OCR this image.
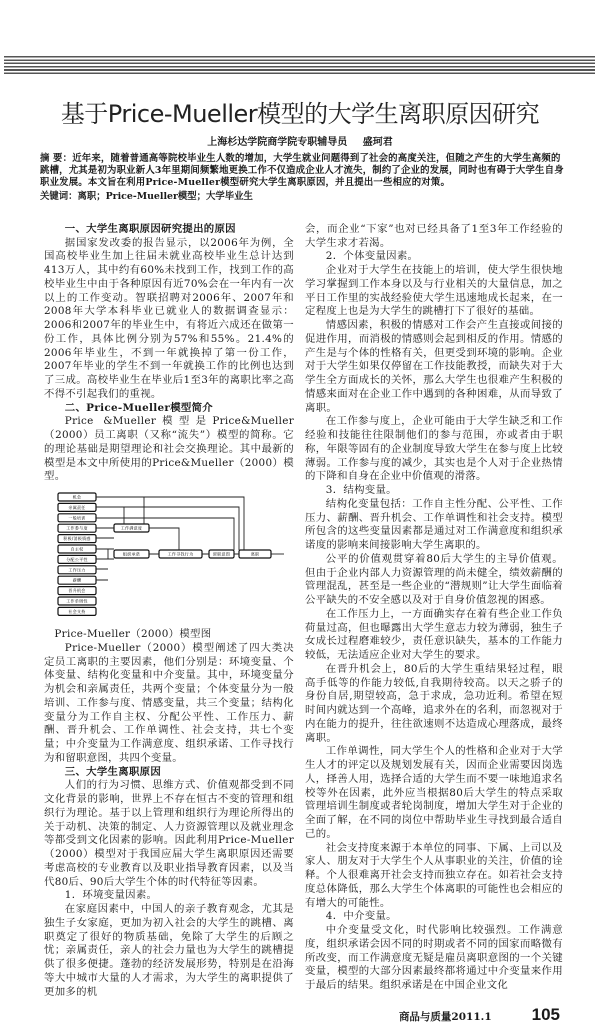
基于Price-Mueller模型的大学生离职原因研究
上海杉达学院商学院专职辅导员 盛珂君
摘 要：近年来，随着普通高等院校毕业生人数的增加，大学生就业问题得到了社会的高度关注，但随之产生的大学生高频的跳槽，尤其是初为职业新人3年里期间频繁地更换工作不仅造成企业人才流失，制约了企业的发展，同时也有碍于大学生自身职业发展。本文旨在利用Price-Mueller模型研究大学生离职原因，并且提出一些相应的对策。
关键词：离职；Price-Mueller模型；大学毕业生
一、大学生离职原因研究提出的原因

据国家发改委的报告显示，以2006年为例，全国高校毕业生加上往届未就业高校毕业生总计达到413万人，其中约有60%未找到工作，找到工作的高校毕业生中由于各种原因有近70%会在一年内有一次以上的工作变动。智联招聘对2006年、2007年和2008年大学本科毕业已就业人的数据调查显示：2006和2007年的毕业生中，有将近六成还在做第一份工作，具体比例分别为57%和55%。21.4%的2006年毕业生，不到一年就换掉了第一份工作，2007年毕业的学生不到一年就换工作的比例也达到了三成。高校毕业生在毕业后1至3年的离职比率之高不得不引起我们的重视。

二、Price-Mueller模型简介

Price &Mueller模型是Price&Mueller（2000）员工离职（又称“流失”）模型的简称。它的理论基础是期望理论和社会交换理论。其中最新的模型是本文中所使用的Price&Mueller（2000）模型。

机会
亲属责任
一般培训
工作参与度
积极/消极情感
自主权
分配公平性
工作压力
薪酬
晋升机会
工作单调性
社会支持
工作满意度
组织承诺	工作寻找行为	留职意图	离职

Price-Mueller（2000）模型图

Price-Mueller（2000）模型阐述了四大类决定员工离职的主要因素，他们分别是：环境变量、个体变量、结构化变量和中介变量。其中，环境变量分为机会和亲属责任，共两个变量；个体变量分为一般培训、工作参与度、情感变量，共三个变量；结构化变量分为工作自主权、分配公平性、工作压力、薪酬、晋升机会、工作单调性、社会支持，共七个变量；中介变量为工作满意度、组织承诺、工作寻找行为和留职意图，共四个变量。

三、大学生离职原因

人们的行为习惯、思维方式、价值观都受到不同文化背景的影响，世界上不存在恒古不变的管理和组织行为理论。基于以上管理和组织行为理论所得出的关于动机、决策的制定、人力资源管理以及就业理念等都受到文化因素的影响。因此利用Price-Mueller（2000）模型对于我国应届大学生离职原因还需要考虑高校的专业教育以及职业指导教育因素，以及当代80后、90后大学生个体的时代特征等因素。

1．环境变量因素。

在家庭因素中，中国人的亲子教育观念，尤其是独生子女家庭，更加为初入社会的大学生的跳槽、离职奠定了很好的物质基础，免除了大学生的后顾之忧；亲属责任，亲人的社会力量也为大学生的跳槽提供了很多便捷。蓬勃的经济发展形势，特别是在沿海等大中城市大量的人才需求，为大学生的离职提供了更加多的机

会，而企业“下家”也对已经具备了1至3年工作经验的大学生求才若渴。

2．个体变量因素。

企业对于大学生在技能上的培训，使大学生很快地学习掌握到工作本身以及与行业相关的大量信息，加之平日工作里的实战经验使大学生迅速地成长起来，在一定程度上也是为大学生的跳槽打下了很好的基础。

情感因素，积极的情感对工作会产生直接或间接的促进作用，而消极的情感则会起到相反的作用。情感的产生是与个体的性格有关，但更受到环境的影响。企业对于大学生如果仅停留在工作技能教授，而缺失对于大学生全方面成长的关怀，那么大学生也很难产生积极的情感来面对在企业工作中遇到的各种困难，从而导致了离职。

在工作参与度上，企业可能由于大学生缺乏和工作经验和技能往往限制他们的参与范围，亦或者由于职称，年限等固有的企业制度导致大学生在参与度上比较薄弱。工作参与度的减少，其实也是个人对于企业热情的下降和自身在企业中价值观的滑落。

3．结构变量。

结构化变量包括：工作自主性分配、公平性、工作压力、薪酬、晋升机会、工作单调性和社会支持。模型所包含的这些变量因素都是通过对工作满意度和组织承诺度的影响来间接影响大学生离职的。

公平的价值观贯穿着80后大学生的主导价值观。但由于企业内部人力资源管理的尚未健全，绩效薪酬的管理混乱，甚至是一些企业的“潜规则”让大学生面临着公平缺失的不安全感以及对于自身价值忽视的困惑。

在工作压力上，一方面确实存在着有些企业工作负荷量过高，但也曝露出大学生意志力较为薄弱，独生子女成长过程磨难较少，责任意识缺失，基本的工作能力较低，无法适应企业对大学生的要求。

在晋升机会上，80后的大学生重结果轻过程，眼高手低等的作能力较低,自我期待较高。以天之骄子的身份自居,期望较高，急于求成，急功近利。希望在短时间内就达到一个高峰，追求外在的名利，而忽视对于内在能力的提升，往往欲速则不达造成心理落成，最终离职。

工作单调性，同大学生个人的性格和企业对于大学生人才的评定以及规划发展有关，因而企业需要因岗选人，择善人用，选择合适的大学生而不要一味地追求名校等外在因素，此外应当根据80后大学生的特点采取管理培训生制度或者轮岗制度，增加大学生对于企业的全面了解，在不同的岗位中帮助毕业生寻找到最合适自己的。

社会支持度来源于本单位的同事、下属、上司以及家人、朋友对于大学生个人从事职业的关注，价值的诠释。个人很难离开社会支持而独立存在。如若社会支持度总体降低，那么大学生个体离职的可能性也会相应的有增大的可能性。

4．中介变量。

中介变量受文化，时代影响比较强烈。工作满意度，组织承诺会因不同的时期或者不同的国家而略微有所改变，而工作满意度无疑是雇员离职意图的一个关键变量，模型的大部分因素最终都将通过中介变量来作用于最后的结果。组织承诺是在中国企业文化

商品与质量2011.1 105
